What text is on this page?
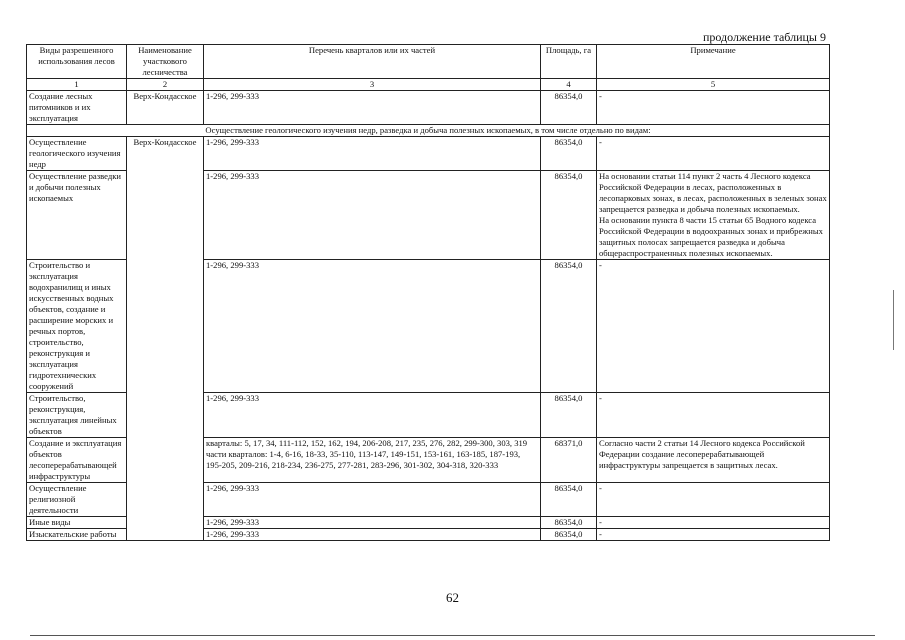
продолжение таблицы 9
Виды разрешенного использования лесов	Наименование участкового лесничества	Перечень кварталов или их частей	Площадь, га	Примечание
1	2	3	4	5
Создание лесных питомников и их эксплуатация	Верх-Кондасское	1-296, 299-333	86354,0	-
Осуществление геологического изучения недр, разведка и добыча полезных ископаемых, в том числе отдельно по видам:				
Осуществление геологического изучения недр	Верх-Кондасское	1-296, 299-333	86354,0	-
Осуществление разведки и добычи полезных ископаемых		1-296, 299-333	86354,0	На основании статьи 114 пункт 2 часть 4 Лесного кодекса Российской Федерации в лесах, расположенных в лесопарковых зонах, в лесах, расположенных в зеленых зонах запрещается разведка и добыча полезных ископаемых.
На основании пункта 8 части 15 статьи 65 Водного кодекса Российской Федерации в водоохранных зонах и прибрежных защитных полосах запрещается разведка и добыча общераспространенных полезных ископаемых.

Строительство и эксплуатация водохранилищ и иных искусственных водных объектов, создание и расширение морских и речных портов, строительство, реконструкция и эксплуатация гидротехнических сооружений		1-296, 299-333	86354,0	-
Строительство, реконструкция, эксплуатация линейных объектов		1-296, 299-333	86354,0	-
Создание и эксплуатация объектов лесоперерабатывающей инфраструктуры		кварталы: 5, 17, 34, 111-112, 152, 162, 194, 206-208, 217, 235, 276, 282, 299-300, 303, 319
части кварталов: 1-4, 6-16, 18-33, 35-110, 113-147, 149-151, 153-161, 163-185, 187-193, 195-205, 209-216, 218-234, 236-275, 277-281, 283-296, 301-302, 304-318, 320-333	68371,0	Согласно части 2 статьи 14 Лесного кодекса Российской Федерации создание лесоперерабатывающей инфраструктуры запрещается в защитных лесах.
Осуществление религиозной деятельности		1-296, 299-333	86354,0	-
Иные виды		1-296, 299-333	86354,0	-
Изыскательские работы		1-296, 299-333	86354,0	-
62
